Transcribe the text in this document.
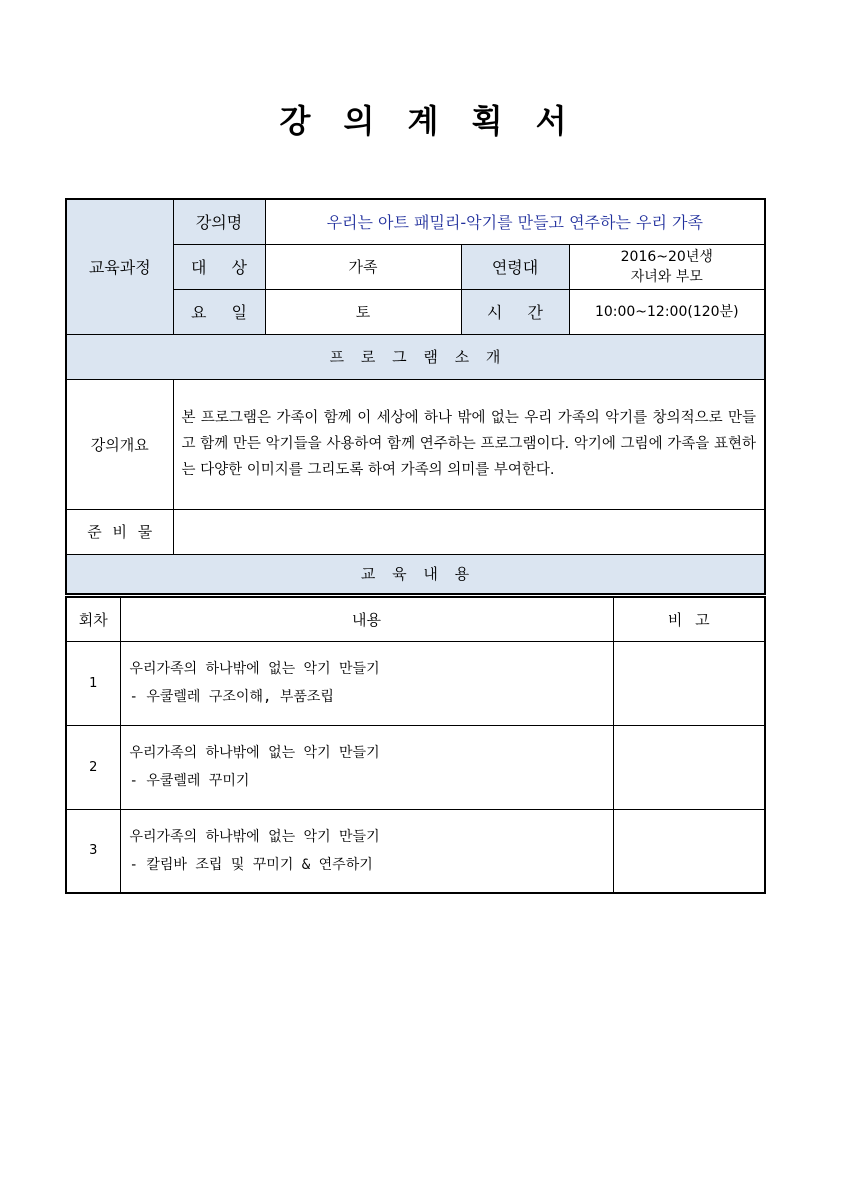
강 의 계 획 서
교육과정	강의명	우리는 아트 패밀리-악기를 만들고 연주하는 우리 가족		
	대 상	가족	연령대	2016~20년생
자녀와 부모

	요 일	토	시 간	10:00~12:00(120분)
프 로 그 램 소 개				
강의개요	본 프로그램은 가족이 함께 이 세상에 하나 밖에 없는 우리 가족의 악기를 창의적으로 만들고 함께 만든 악기들을 사용하여 함께 연주하는 프로그램이다. 악기에 그림에 가족을 표현하는 다양한 이미지를 그리도록 하여 가족의 의미를 부여한다.			
준 비 물				
교 육 내 용				
회차	내용	비 고
1	우리가족의 하나밖에 없는 악기 만들기
- 우쿨렐레 구조이해, 부품조립	

2	우리가족의 하나밖에 없는 악기 만들기
- 우쿨렐레 꾸미기	

3	우리가족의 하나밖에 없는 악기 만들기
- 칼림바 조립 및 꾸미기 & 연주하기	
